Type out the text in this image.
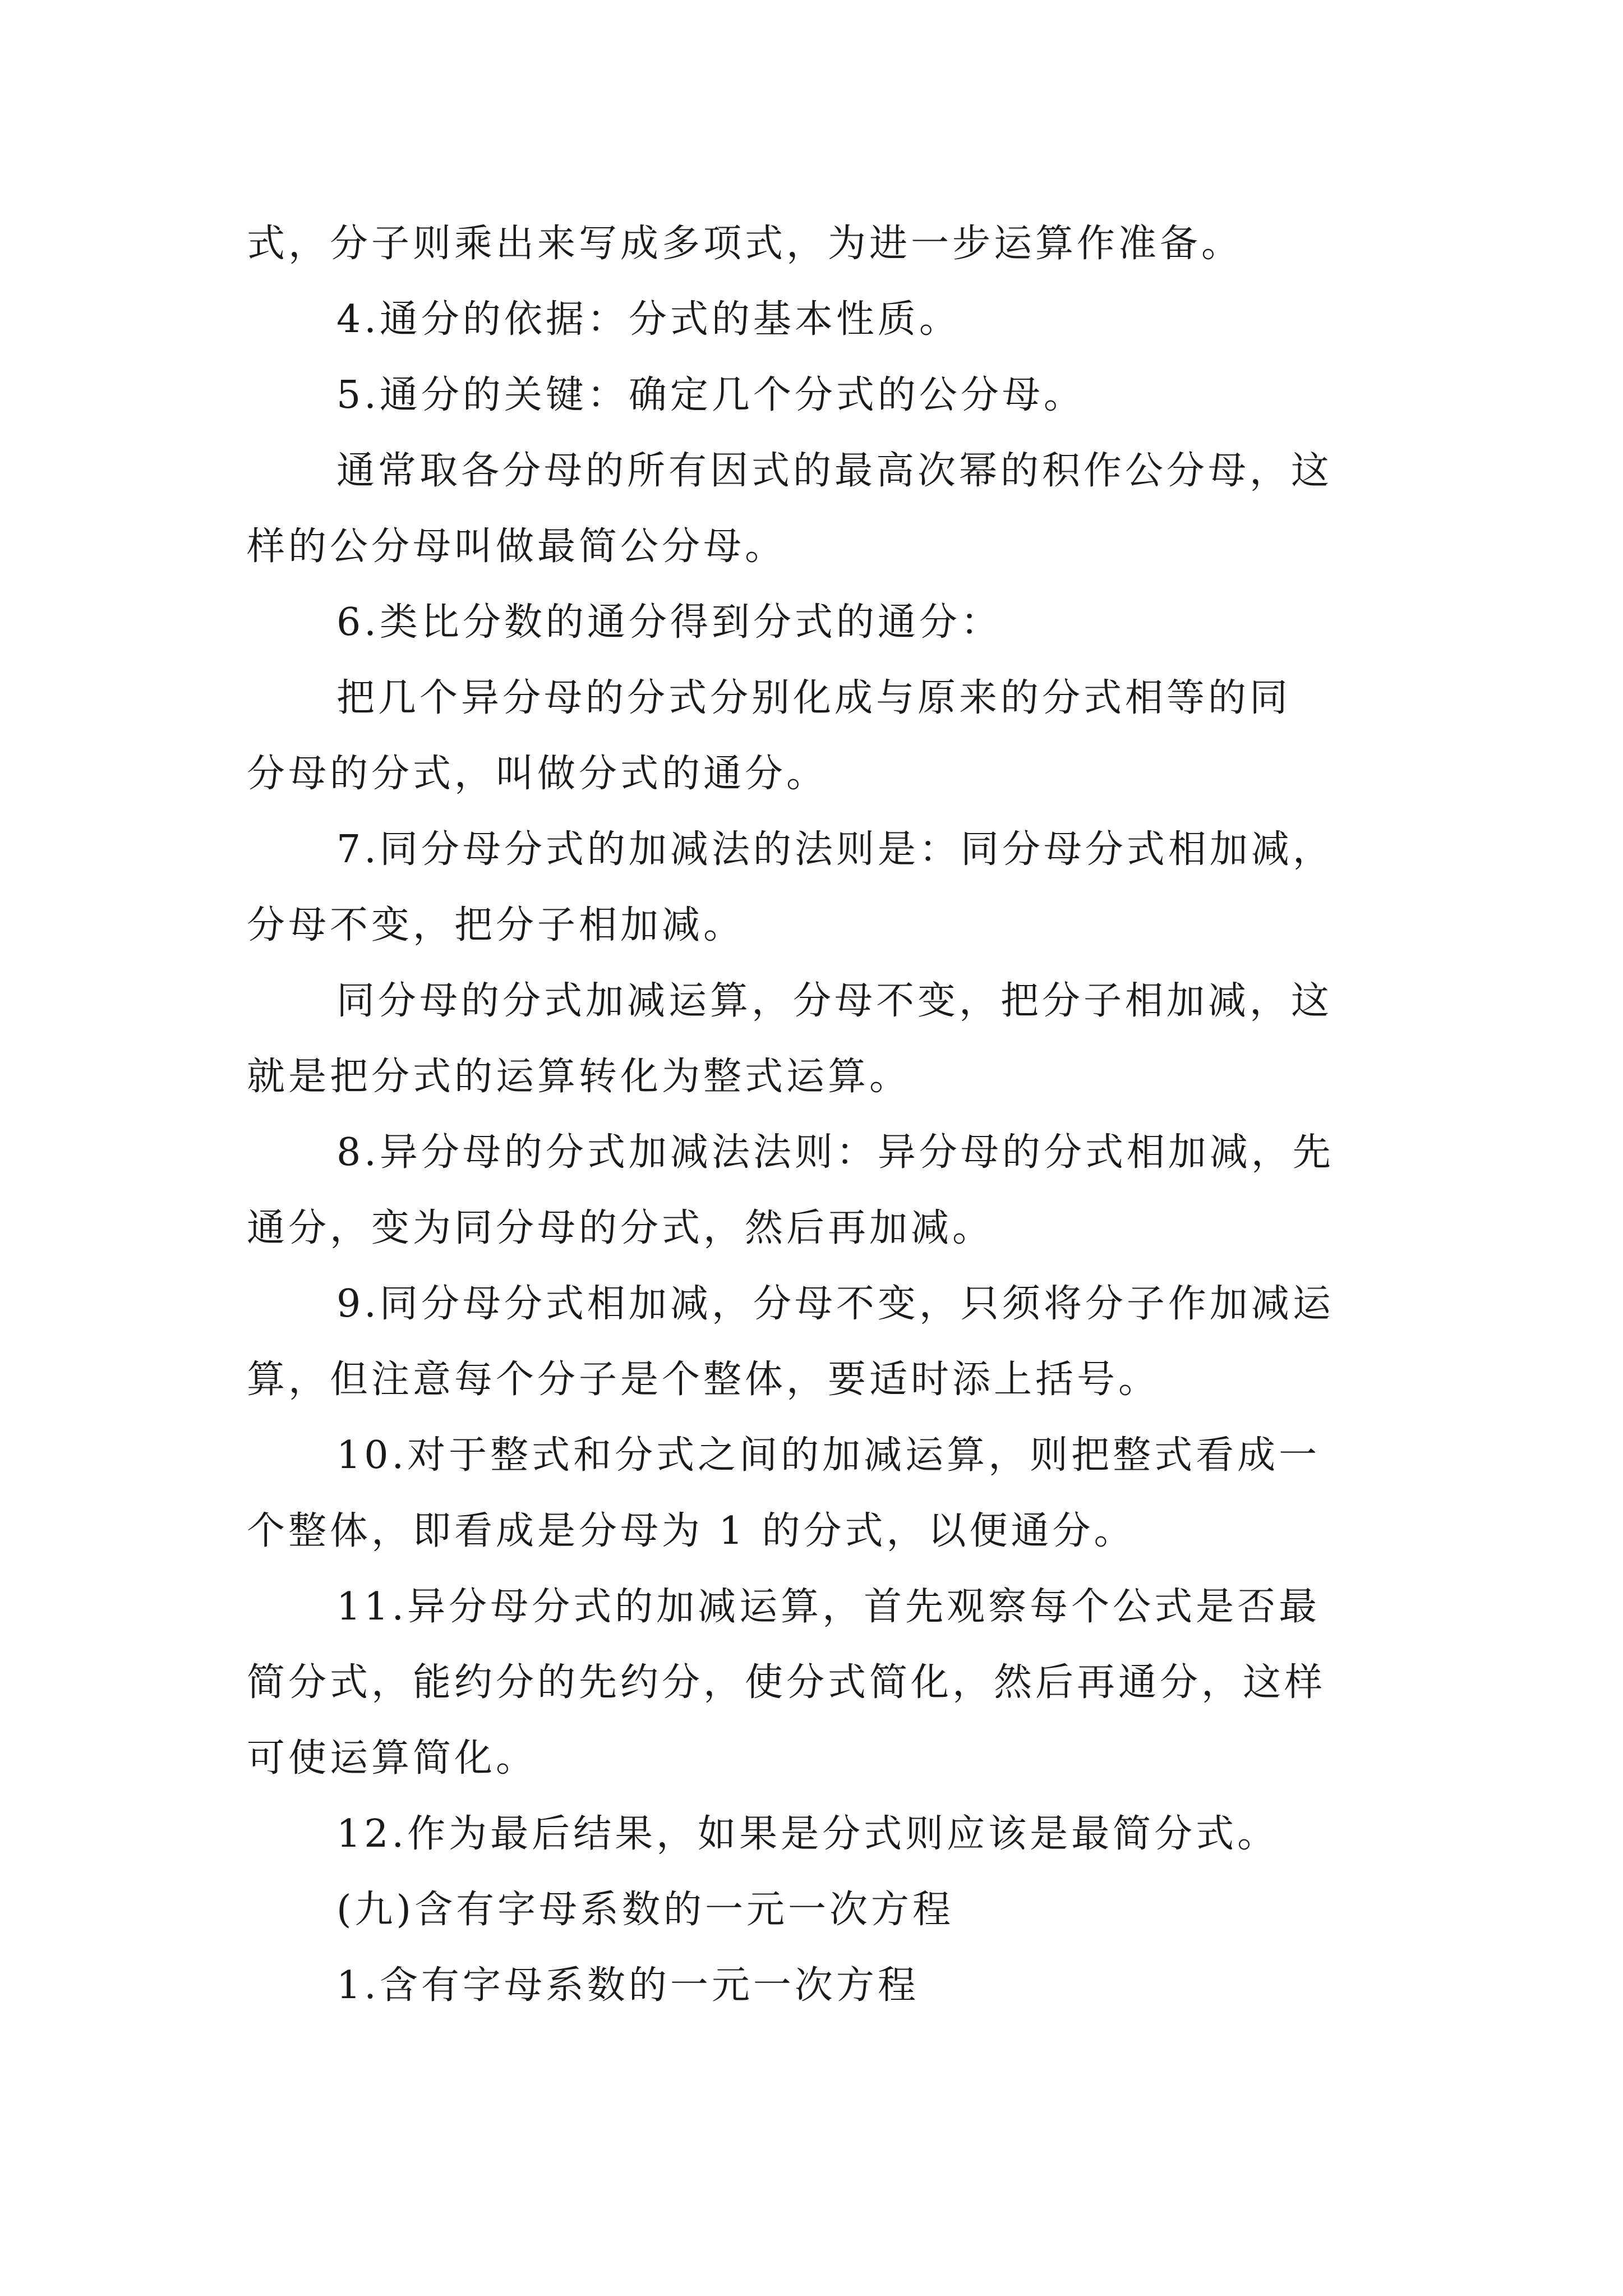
式，分子则乘出来写成多项式，为进一步运算作准备。
4.通分的依据：分式的基本性质。
5.通分的关键：确定几个分式的公分母。
通常取各分母的所有因式的最高次幂的积作公分母，这
样的公分母叫做最简公分母。
6.类比分数的通分得到分式的通分：
把几个异分母的分式分别化成与原来的分式相等的同
分母的分式，叫做分式的通分。
7.同分母分式的加减法的法则是：同分母分式相加减，
分母不变，把分子相加减。
同分母的分式加减运算，分母不变，把分子相加减，这
就是把分式的运算转化为整式运算。
8.异分母的分式加减法法则：异分母的分式相加减，先
通分，变为同分母的分式，然后再加减。
9.同分母分式相加减，分母不变，只须将分子作加减运
算，但注意每个分子是个整体，要适时添上括号。
10.对于整式和分式之间的加减运算，则把整式看成一
个整体，即看成是分母为 1 的分式，以便通分。
11.异分母分式的加减运算，首先观察每个公式是否最
简分式，能约分的先约分，使分式简化，然后再通分，这样
可使运算简化。
12.作为最后结果，如果是分式则应该是最简分式。
(九)含有字母系数的一元一次方程
1.含有字母系数的一元一次方程
